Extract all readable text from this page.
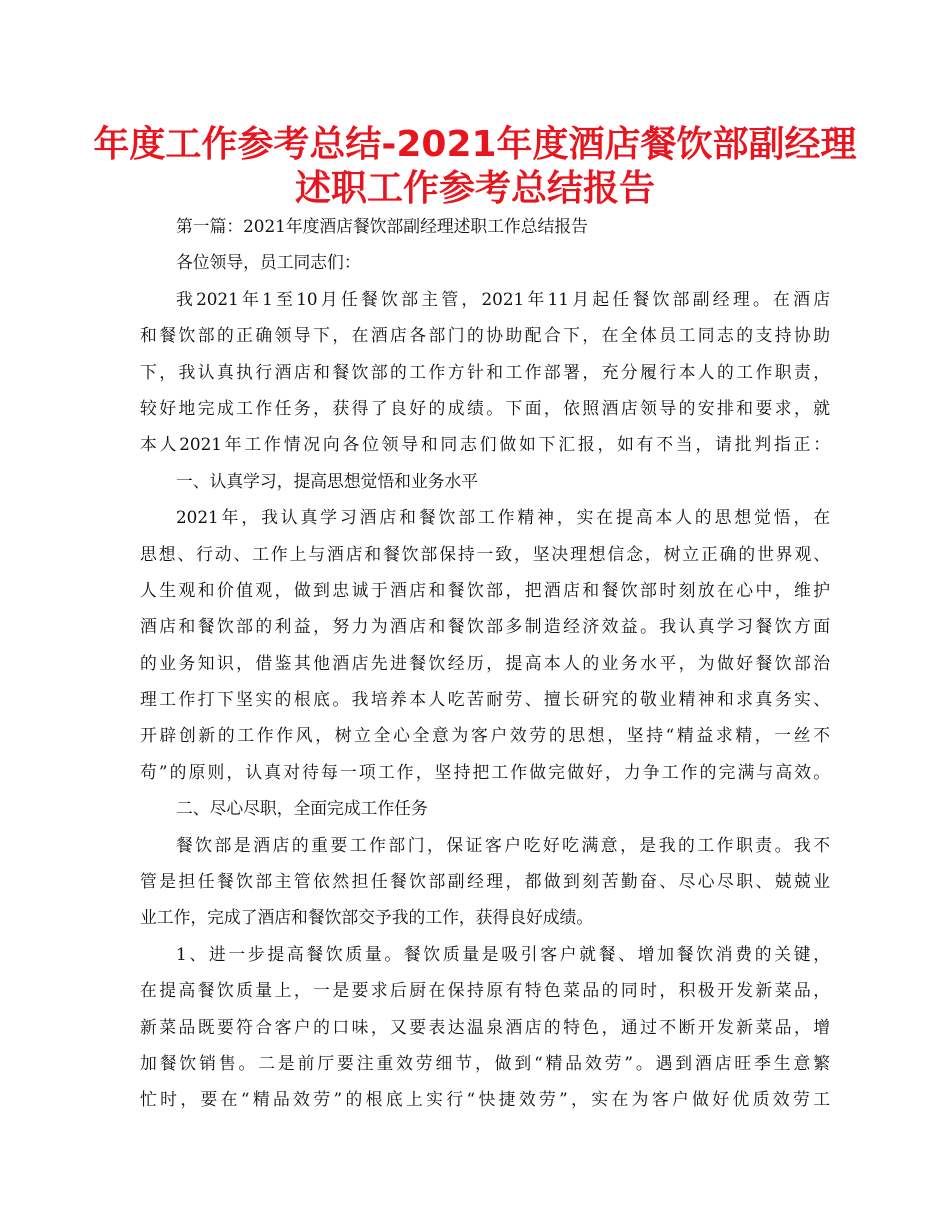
年度工作参考总结-2021年度酒店餐饮部副经理
述职工作参考总结报告
第一篇：2021年度酒店餐饮部副经理述职工作总结报告
各位领导，员工同志们：
我2021年1至10月任餐饮部主管，2021年11月起任餐饮部副经理。在酒店
和餐饮部的正确领导下，在酒店各部门的协助配合下，在全体员工同志的支持协助
下，我认真执行酒店和餐饮部的工作方针和工作部署，充分履行本人的工作职责，
较好地完成工作任务，获得了良好的成绩。下面，依照酒店领导的安排和要求，就
本人2021年工作情况向各位领导和同志们做如下汇报，如有不当，请批判指正：
一、认真学习，提高思想觉悟和业务水平
2021年，我认真学习酒店和餐饮部工作精神，实在提高本人的思想觉悟，在
思想、行动、工作上与酒店和餐饮部保持一致，坚决理想信念，树立正确的世界观、
人生观和价值观，做到忠诚于酒店和餐饮部，把酒店和餐饮部时刻放在心中，维护
酒店和餐饮部的利益，努力为酒店和餐饮部多制造经济效益。我认真学习餐饮方面
的业务知识，借鉴其他酒店先进餐饮经历，提高本人的业务水平，为做好餐饮部治
理工作打下坚实的根底。我培养本人吃苦耐劳、擅长研究的敬业精神和求真务实、
开辟创新的工作作风，树立全心全意为客户效劳的思想，坚持“精益求精，一丝不
苟”的原则，认真对待每一项工作，坚持把工作做完做好，力争工作的完满与高效。
二、尽心尽职，全面完成工作任务
餐饮部是酒店的重要工作部门，保证客户吃好吃满意，是我的工作职责。我不
管是担任餐饮部主管依然担任餐饮部副经理，都做到刻苦勤奋、尽心尽职、兢兢业
业工作，完成了酒店和餐饮部交予我的工作，获得良好成绩。
1、进一步提高餐饮质量。餐饮质量是吸引客户就餐、增加餐饮消费的关键，
在提高餐饮质量上，一是要求后厨在保持原有特色菜品的同时，积极开发新菜品，
新菜品既要符合客户的口味，又要表达温泉酒店的特色，通过不断开发新菜品，增
加餐饮销售。二是前厅要注重效劳细节，做到“精品效劳”。遇到酒店旺季生意繁
忙时，要在“精品效劳”的根底上实行“快捷效劳”，实在为客户做好优质效劳工
